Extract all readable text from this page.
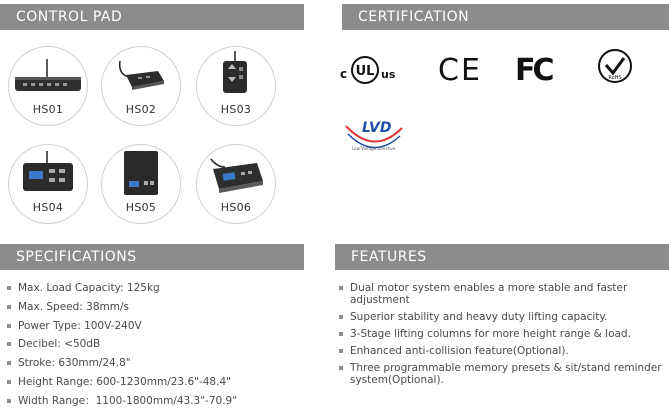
CONTROL PAD	CERTIFICATION
SPECIFICATIONS	FEATURES
HS01	HS02	HS03
HS04	HS05	HS06
c UL us CE FC	RoHS
LVD
Low Voltage Directive
Max. Load Capacity: 125kg
Max. Speed: 38mm/s
Power Type: 100V-240V
Decibel: <50dB
Stroke: 630mm/24.8"
Height Range: 600-1230mm/23.6"-48.4"
Width Range：1100-1800mm/43.3"-70.9"
Dual motor system enables a more stable and faster adjustment
Superior stability and heavy duty lifting capacity.
3-Stage lifting columns for more height range & load.
Enhanced anti-collision feature(Optional).
Three programmable memory presets & sit/stand reminder system(Optional).
